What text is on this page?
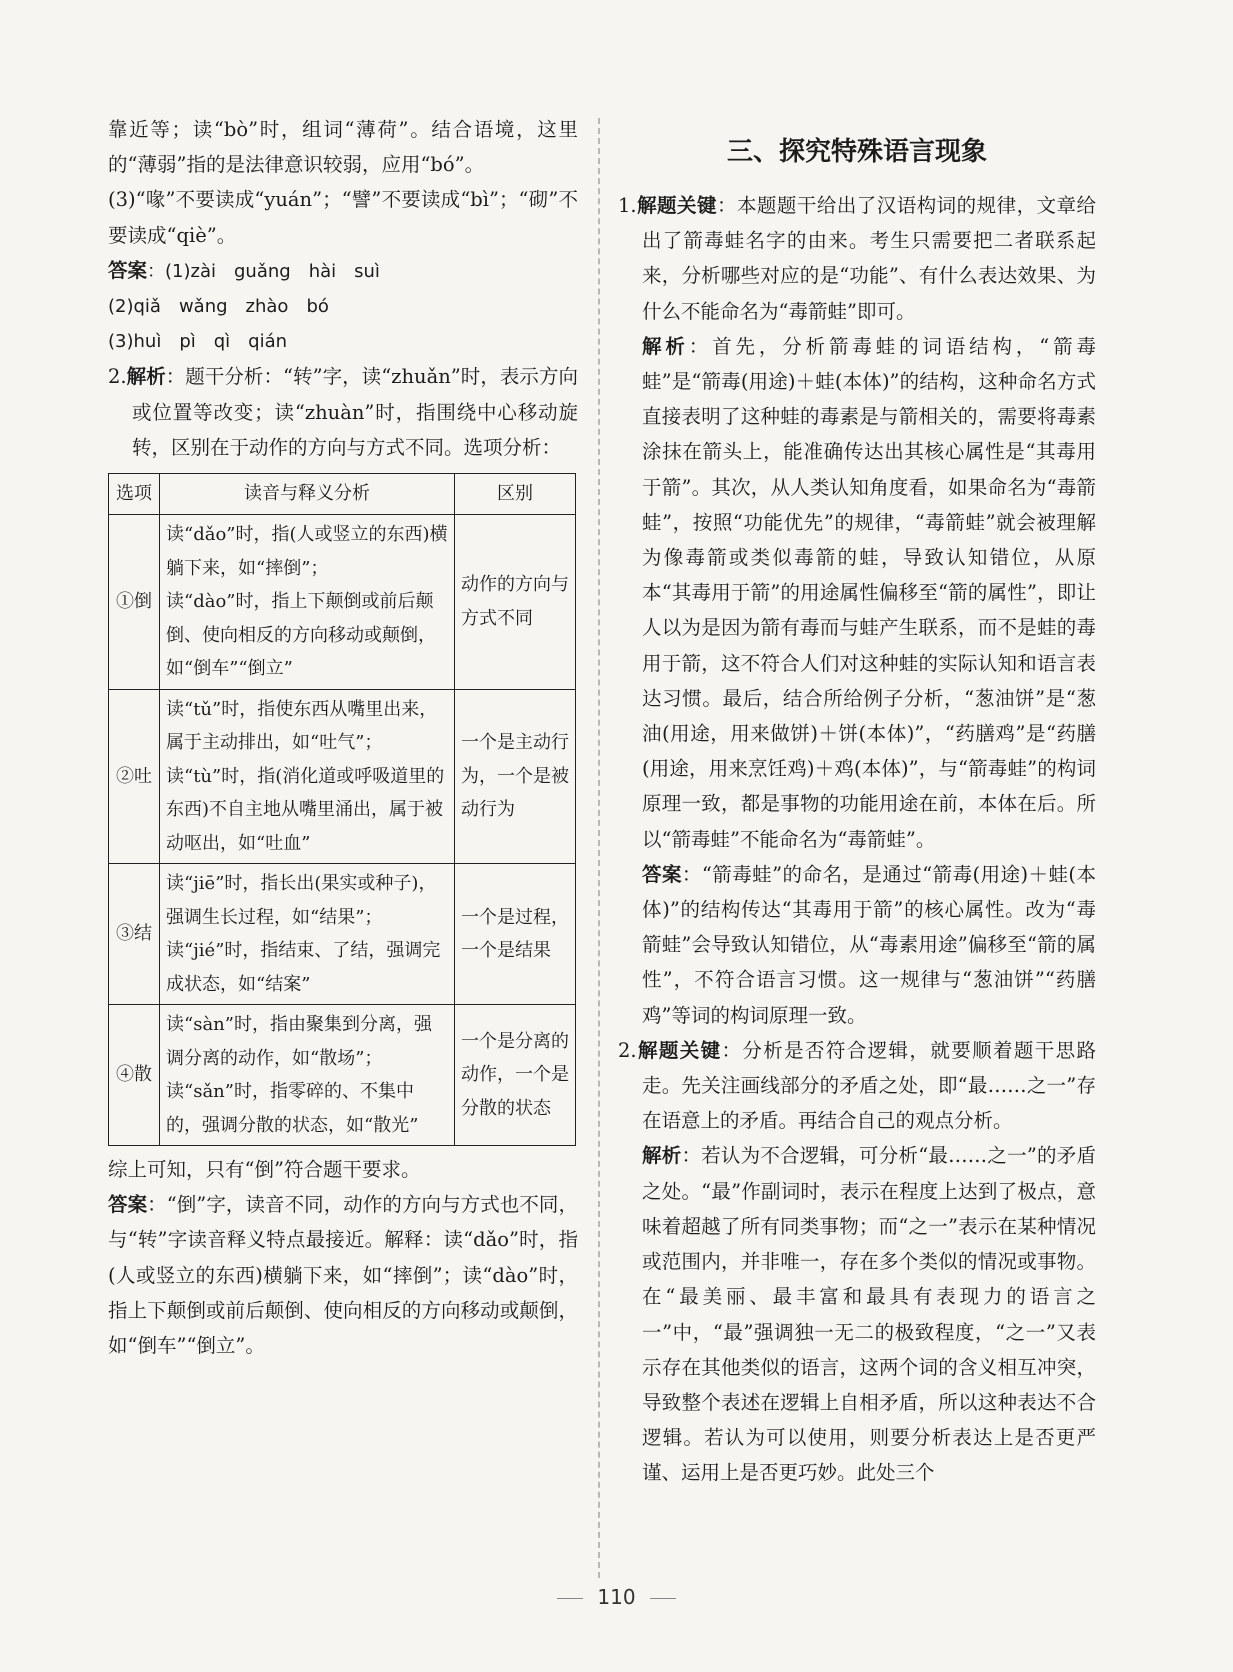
靠近等；读“bò”时，组词“薄荷”。结合语境，这里的“薄弱”指的是法律意识较弱，应用“bó”。

(3)“喙”不要读成“yuán”；“譬”不要读成“bì”；“砌”不要读成“qiè”。

答案：(1)zài　guǎng　hài　suì

(2)qiǎ　wǎng　zhào　bó

(3)huì　pì　qì　qián

2.解析：题干分析：“转”字，读“zhuǎn”时，表示方向或位置等改变；读“zhuàn”时，指围绕中心移动旋转，区别在于动作的方向与方式不同。选项分析：

选项	读音与释义分析	区别
①倒	读“dǎo”时，指(人或竖立的东西)横躺下来，如“摔倒”；
读“dào”时，指上下颠倒或前后颠倒、使向相反的方向移动或颠倒，如“倒车”“倒立”	动作的方向与方式不同
②吐	读“tǔ”时，指使东西从嘴里出来，属于主动排出，如“吐气”；
读“tù”时，指(消化道或呼吸道里的东西)不自主地从嘴里涌出，属于被动呕出，如“吐血”	一个是主动行为，一个是被动行为
③结	读“jiē”时，指长出(果实或种子)，强调生长过程，如“结果”；
读“jié”时，指结束、了结，强调完成状态，如“结案”	一个是过程，一个是结果
④散	读“sàn”时，指由聚集到分离，强调分离的动作，如“散场”；
读“sǎn”时，指零碎的、不集中的，强调分散的状态，如“散光”	一个是分离的动作，一个是分散的状态

综上可知，只有“倒”符合题干要求。

答案：“倒”字，读音不同，动作的方向与方式也不同，与“转”字读音释义特点最接近。解释：读“dǎo”时，指(人或竖立的东西)横躺下来，如“摔倒”；读“dào”时，指上下颠倒或前后颠倒、使向相反的方向移动或颠倒，如“倒车”“倒立”。

三、探究特殊语言现象

1.解题关键：本题题干给出了汉语构词的规律，文章给出了箭毒蛙名字的由来。考生只需要把二者联系起来，分析哪些对应的是“功能”、有什么表达效果、为什么不能命名为“毒箭蛙”即可。

解析：首先，分析箭毒蛙的词语结构，“箭毒蛙”是“箭毒(用途)＋蛙(本体)”的结构，这种命名方式直接表明了这种蛙的毒素是与箭相关的，需要将毒素涂抹在箭头上，能准确传达出其核心属性是“其毒用于箭”。其次，从人类认知角度看，如果命名为“毒箭蛙”，按照“功能优先”的规律，“毒箭蛙”就会被理解为像毒箭或类似毒箭的蛙，导致认知错位，从原本“其毒用于箭”的用途属性偏移至“箭的属性”，即让人以为是因为箭有毒而与蛙产生联系，而不是蛙的毒用于箭，这不符合人们对这种蛙的实际认知和语言表达习惯。最后，结合所给例子分析，“葱油饼”是“葱油(用途，用来做饼)＋饼(本体)”，“药膳鸡”是“药膳(用途，用来烹饪鸡)＋鸡(本体)”，与“箭毒蛙”的构词原理一致，都是事物的功能用途在前，本体在后。所以“箭毒蛙”不能命名为“毒箭蛙”。

答案：“箭毒蛙”的命名，是通过“箭毒(用途)＋蛙(本体)”的结构传达“其毒用于箭”的核心属性。改为“毒箭蛙”会导致认知错位，从“毒素用途”偏移至“箭的属性”，不符合语言习惯。这一规律与“葱油饼”“药膳鸡”等词的构词原理一致。

2.解题关键：分析是否符合逻辑，就要顺着题干思路走。先关注画线部分的矛盾之处，即“最……之一”存在语意上的矛盾。再结合自己的观点分析。

解析：若认为不合逻辑，可分析“最……之一”的矛盾之处。“最”作副词时，表示在程度上达到了极点，意味着超越了所有同类事物；而“之一”表示在某种情况或范围内，并非唯一，存在多个类似的情况或事物。在“最美丽、最丰富和最具有表现力的语言之一”中，“最”强调独一无二的极致程度，“之一”又表示存在其他类似的语言，这两个词的含义相互冲突，导致整个表述在逻辑上自相矛盾，所以这种表达不合逻辑。若认为可以使用，则要分析表达上是否更严谨、运用上是否更巧妙。此处三个

110
